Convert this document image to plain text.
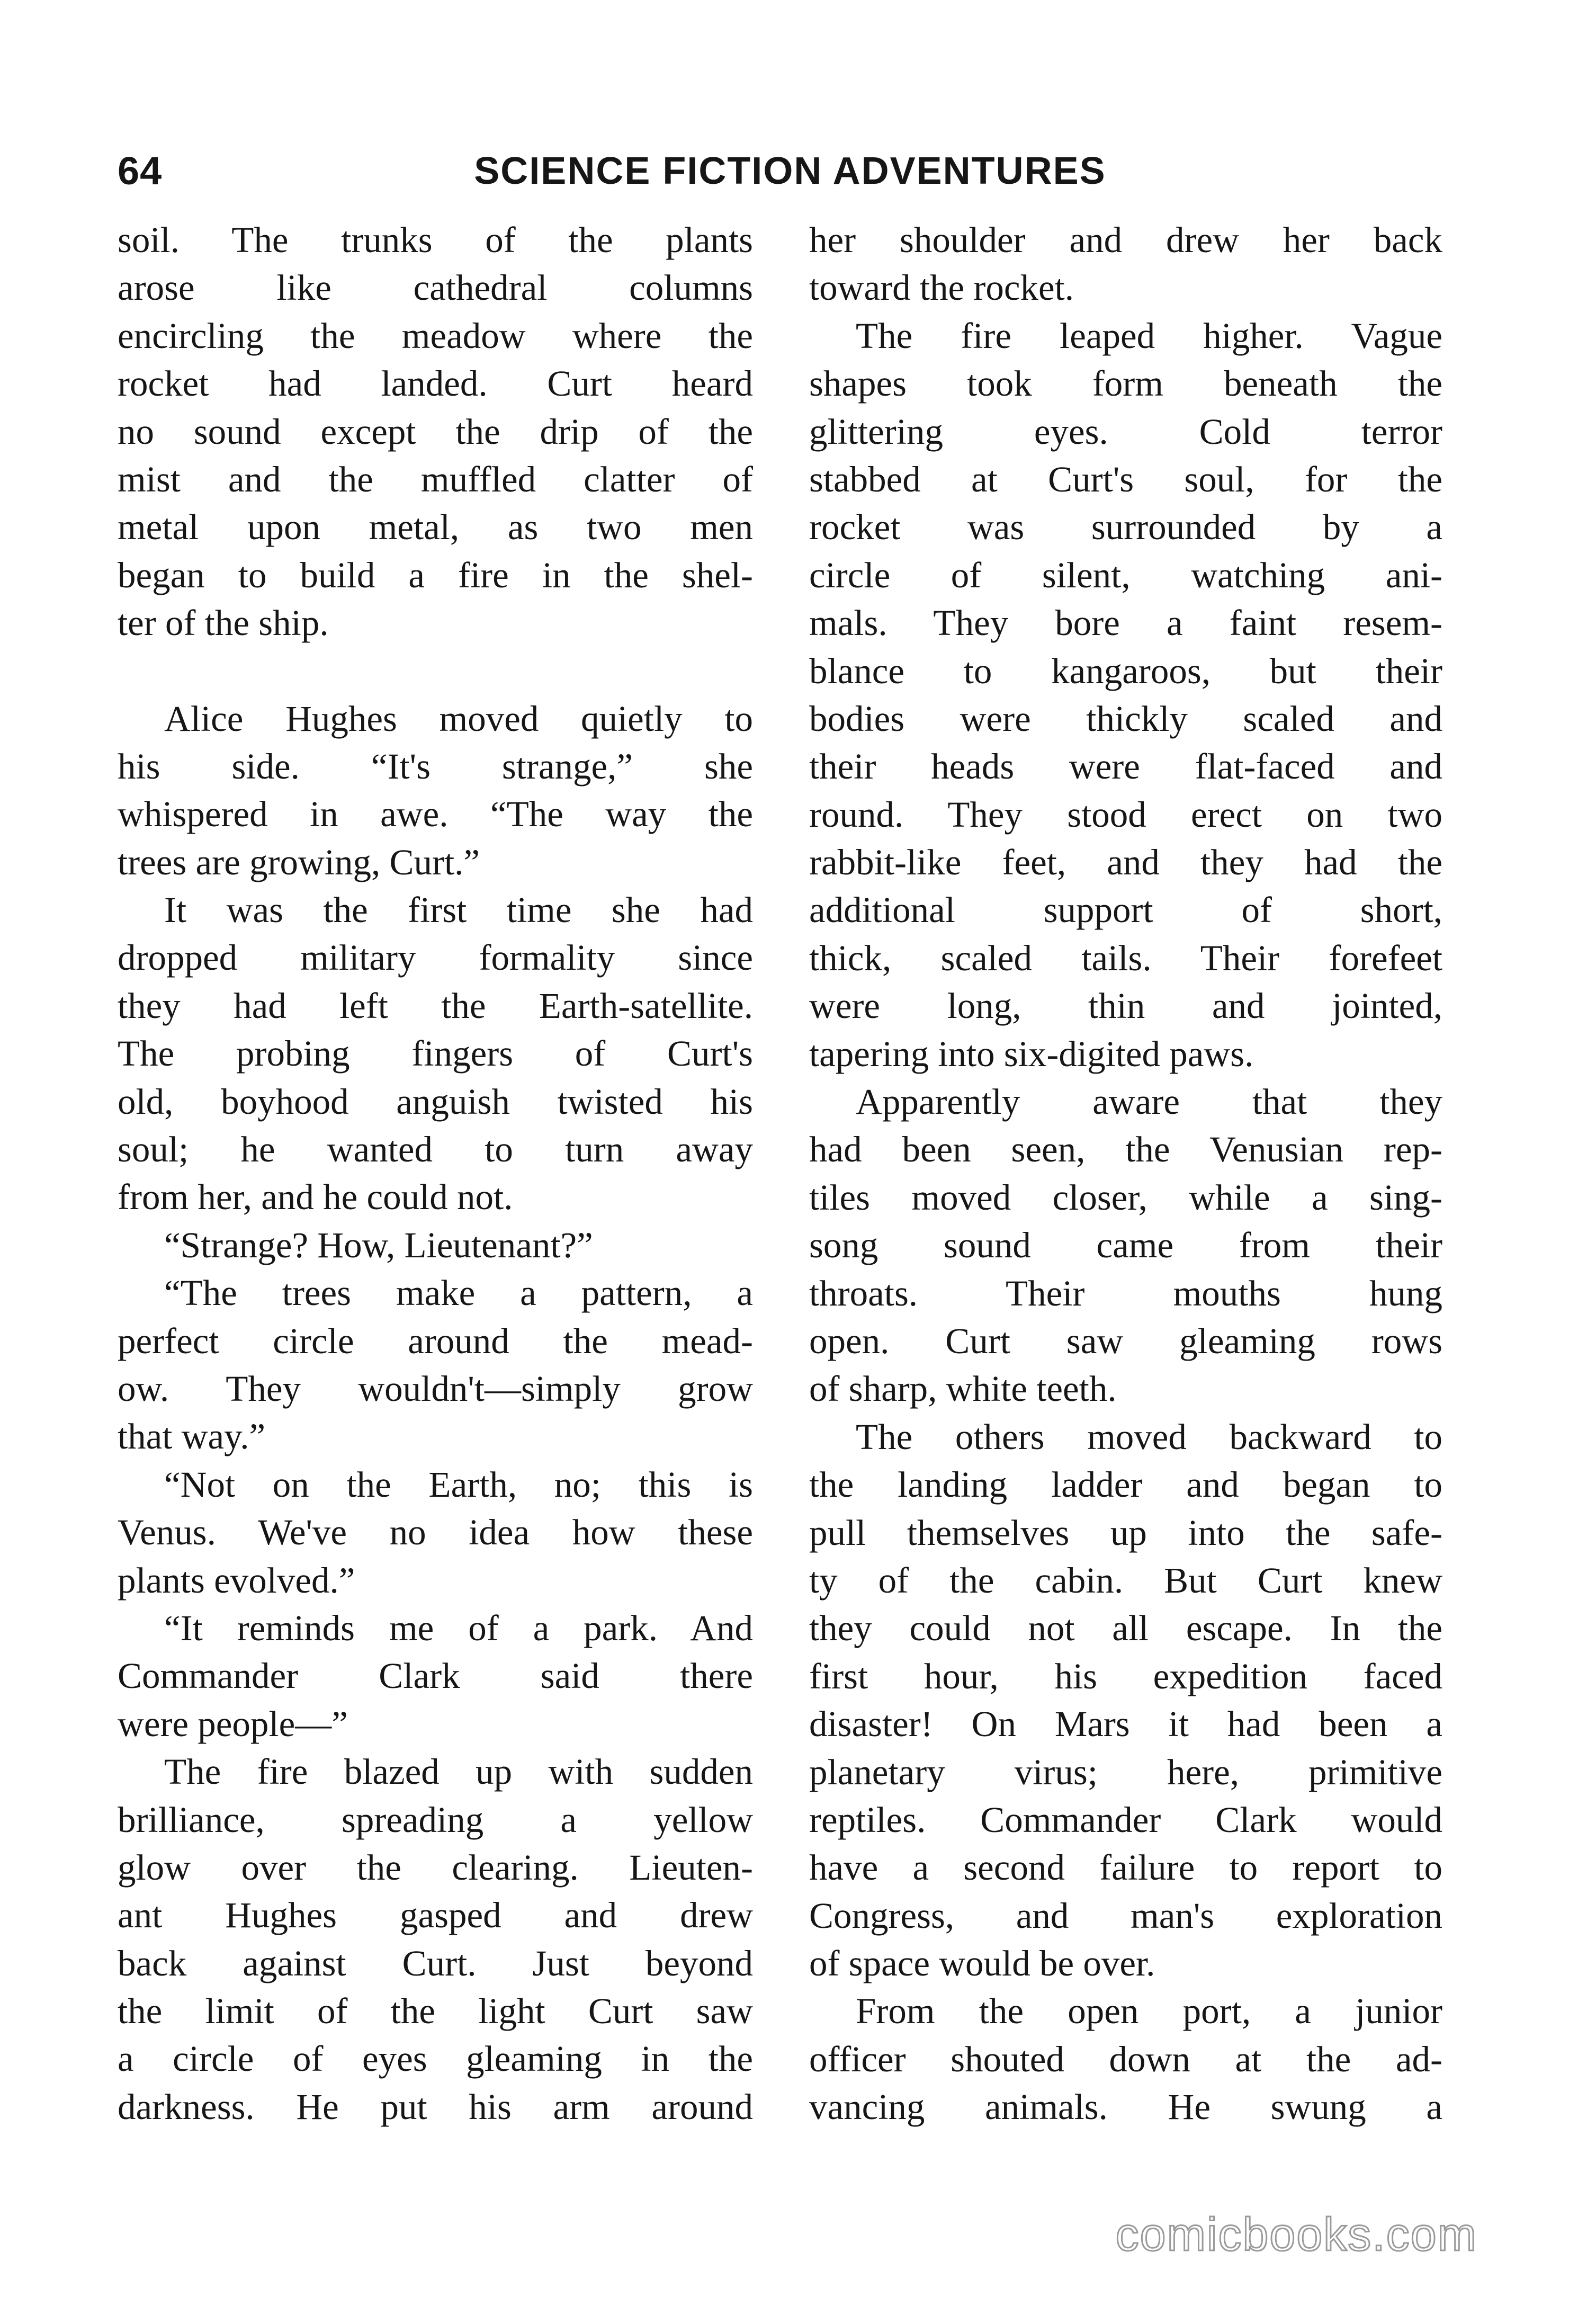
64	SCIENCE FICTION ADVENTURES
soil. The trunks of the plants
arose like cathedral columns
encircling the meadow where the
rocket had landed. Curt heard
no sound except the drip of the
mist and the muffled clatter of
metal upon metal, as two men
began to build a fire in the shel-
ter of the ship.
Alice Hughes moved quietly to
his side. “It's strange,” she
whispered in awe. “The way the
trees are growing, Curt.”
It was the first time she had
dropped military formality since
they had left the Earth-satellite.
The probing fingers of Curt's
old, boyhood anguish twisted his
soul; he wanted to turn away
from her, and he could not.
“Strange? How, Lieutenant?”
“The trees make a pattern, a
perfect circle around the mead-
ow. They wouldn't—simply grow
that way.”
“Not on the Earth, no; this is
Venus. We've no idea how these
plants evolved.”
“It reminds me of a park. And
Commander Clark said there
were people—”
The fire blazed up with sudden
brilliance, spreading a yellow
glow over the clearing. Lieuten-
ant Hughes gasped and drew
back against Curt. Just beyond
the limit of the light Curt saw
a circle of eyes gleaming in the
darkness. He put his arm around
her shoulder and drew her back
toward the rocket.
The fire leaped higher. Vague
shapes took form beneath the
glittering eyes. Cold terror
stabbed at Curt's soul, for the
rocket was surrounded by a
circle of silent, watching ani-
mals. They bore a faint resem-
blance to kangaroos, but their
bodies were thickly scaled and
their heads were flat-faced and
round. They stood erect on two
rabbit-like feet, and they had the
additional support of short,
thick, scaled tails. Their forefeet
were long, thin and jointed,
tapering into six-digited paws.
Apparently aware that they
had been seen, the Venusian rep-
tiles moved closer, while a sing-
song sound came from their
throats. Their mouths hung
open. Curt saw gleaming rows
of sharp, white teeth.
The others moved backward to
the landing ladder and began to
pull themselves up into the safe-
ty of the cabin. But Curt knew
they could not all escape. In the
first hour, his expedition faced
disaster! On Mars it had been a
planetary virus; here, primitive
reptiles. Commander Clark would
have a second failure to report to
Congress, and man's exploration
of space would be over.
From the open port, a junior
officer shouted down at the ad-
vancing animals. He swung a
comicbooks.com
